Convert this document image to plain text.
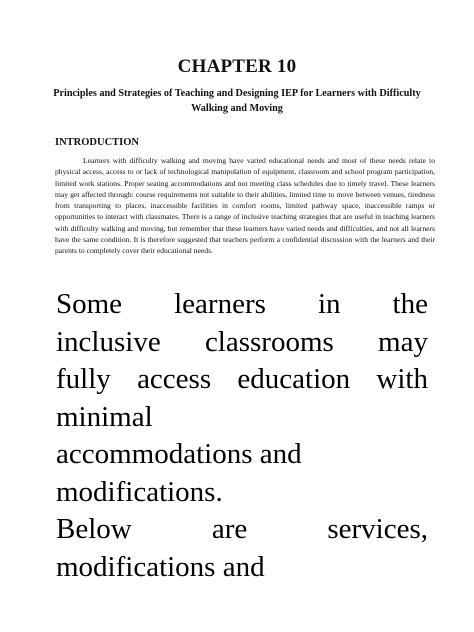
CHAPTER 10
Principles and Strategies of Teaching and Designing IEP for Learners with Difficulty Walking and Moving
INTRODUCTION

Learners with difficulty walking and moving have varied educational needs and most of these needs relate to physical access, access to or lack of technological manipulation of equipment, classroom and school program participation, limited work stations. Proper seating accommodations and not meeting class schedules due to timely travel. These learners may get affected through: course requirements not suitable to their abilities, limited time to move between venues, tiredness from transporting to places, inaccessible facilities in comfort rooms, limited pathway space, inaccessible ramps or opportunities to interact with classmates. There is a range of inclusive teaching strategies that are useful in teaching learners with difficulty walking and moving, but remember that these learners have varied needs and difficulties, and not all learners have the same condition. It is therefore suggested that teachers perform a confidential discussion with the learners and their parents to completely cover their educational needs.

Some learners in the
inclusive classrooms may
fully access education with
minimal
accommodations and
modifications.
Below	are	services,
modifications and
